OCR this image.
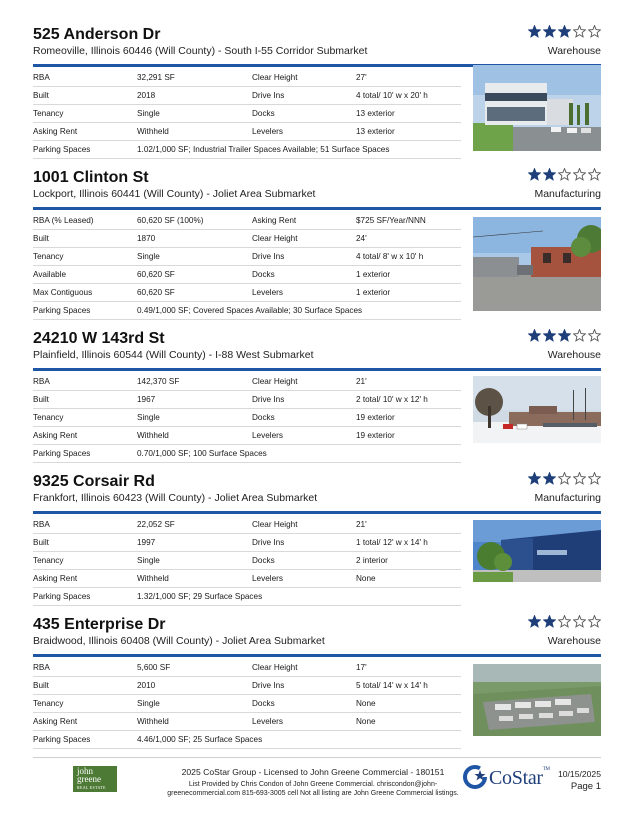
525 Anderson Dr
Romeoville, Illinois 60446 (Will County) - South I-55 Corridor Submarket	Warehouse
RBA	32,291 SF	Clear Height	27'
Built	2018	Drive Ins	4 total/ 10' w x 20' h
Tenancy	Single	Docks	13 exterior
Asking Rent	Withheld	Levelers	13 exterior
Parking Spaces	1.02/1,000 SF; Industrial Trailer Spaces Available; 51 Surface Spaces
1001 Clinton St
Lockport, Illinois 60441 (Will County) - Joliet Area Submarket	Manufacturing
RBA (% Leased)	60,620 SF (100%)	Asking Rent	$725 SF/Year/NNN
Built	1870	Clear Height	24'
Tenancy	Single	Drive Ins	4 total/ 8' w x 10' h
Available	60,620 SF	Docks	1 exterior
Max Contiguous	60,620 SF	Levelers	1 exterior
Parking Spaces	0.49/1,000 SF; Covered Spaces Available; 30 Surface Spaces
24210 W 143rd St
Plainfield, Illinois 60544 (Will County) - I-88 West Submarket	Warehouse
RBA	142,370 SF	Clear Height	21'
Built	1967	Drive Ins	2 total/ 10' w x 12' h
Tenancy	Single	Docks	19 exterior
Asking Rent	Withheld	Levelers	19 exterior
Parking Spaces	0.70/1,000 SF; 100 Surface Spaces
9325 Corsair Rd
Frankfort, Illinois 60423 (Will County) - Joliet Area Submarket	Manufacturing
RBA	22,052 SF	Clear Height	21'
Built	1997	Drive Ins	1 total/ 12' w x 14' h
Tenancy	Single	Docks	2 interior
Asking Rent	Withheld	Levelers	None
Parking Spaces	1.32/1,000 SF; 29 Surface Spaces
435 Enterprise Dr
Braidwood, Illinois 60408 (Will County) - Joliet Area Submarket	Warehouse
RBA	5,600 SF	Clear Height	17'
Built	2010	Drive Ins	5 total/ 14' w x 14' h
Tenancy	Single	Docks	None
Asking Rent	Withheld	Levelers	None
Parking Spaces	4.46/1,000 SF; 25 Surface Spaces
john
greene
REAL ESTATE
2025 CoStar Group - Licensed to John Greene Commercial - 180151
List Provided by Chris Condon of John Greene Commercial. chriscondon@john-greenecommercial.com 815-693-3005 cell Not all listing are John Greene Commercial listings.
CoStar™ 10/15/2025
Page 1
